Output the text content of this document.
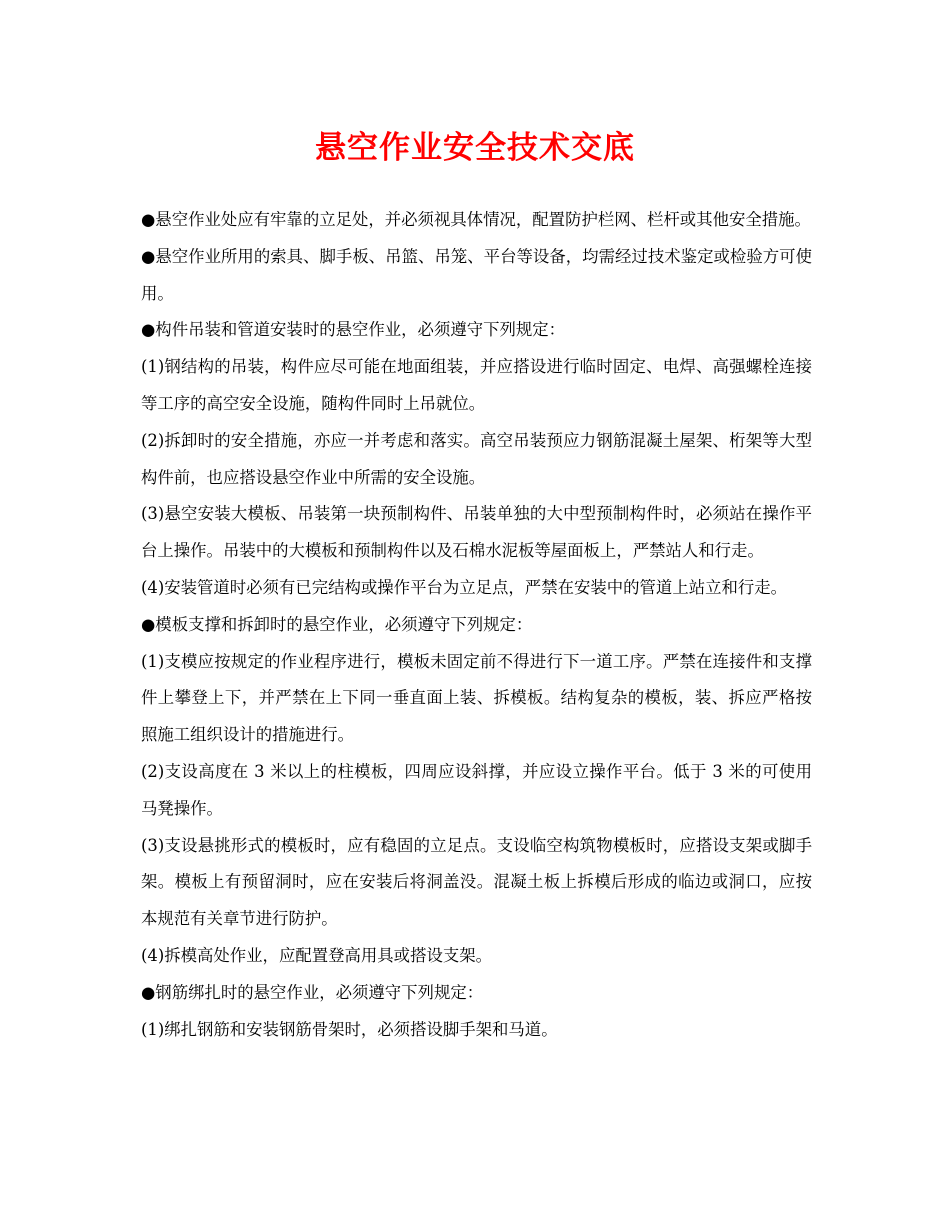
悬空作业安全技术交底

●悬空作业处应有牢靠的立足处，并必须视具体情况，配置防护栏网、栏杆或其他安全措施。

●悬空作业所用的索具、脚手板、吊篮、吊笼、平台等设备，均需经过技术鉴定或检验方可使用。

●构件吊装和管道安装时的悬空作业，必须遵守下列规定：

(1)钢结构的吊装，构件应尽可能在地面组装，并应搭设进行临时固定、电焊、高强螺栓连接等工序的高空安全设施，随构件同时上吊就位。

(2)拆卸时的安全措施，亦应一并考虑和落实。高空吊装预应力钢筋混凝土屋架、桁架等大型构件前，也应搭设悬空作业中所需的安全设施。

(3)悬空安装大模板、吊装第一块预制构件、吊装单独的大中型预制构件时，必须站在操作平台上操作。吊装中的大模板和预制构件以及石棉水泥板等屋面板上，严禁站人和行走。

(4)安装管道时必须有已完结构或操作平台为立足点，严禁在安装中的管道上站立和行走。

●模板支撑和拆卸时的悬空作业，必须遵守下列规定：

(1)支模应按规定的作业程序进行，模板未固定前不得进行下一道工序。严禁在连接件和支撑件上攀登上下，并严禁在上下同一垂直面上装、拆模板。结构复杂的模板，装、拆应严格按照施工组织设计的措施进行。

(2)支设高度在 3 米以上的柱模板，四周应设斜撑，并应设立操作平台。低于 3 米的可使用马凳操作。

(3)支设悬挑形式的模板时，应有稳固的立足点。支设临空构筑物模板时，应搭设支架或脚手架。模板上有预留洞时，应在安装后将洞盖没。混凝土板上拆模后形成的临边或洞口，应按本规范有关章节进行防护。

(4)拆模高处作业，应配置登高用具或搭设支架。

●钢筋绑扎时的悬空作业，必须遵守下列规定：

(1)绑扎钢筋和安装钢筋骨架时，必须搭设脚手架和马道。
